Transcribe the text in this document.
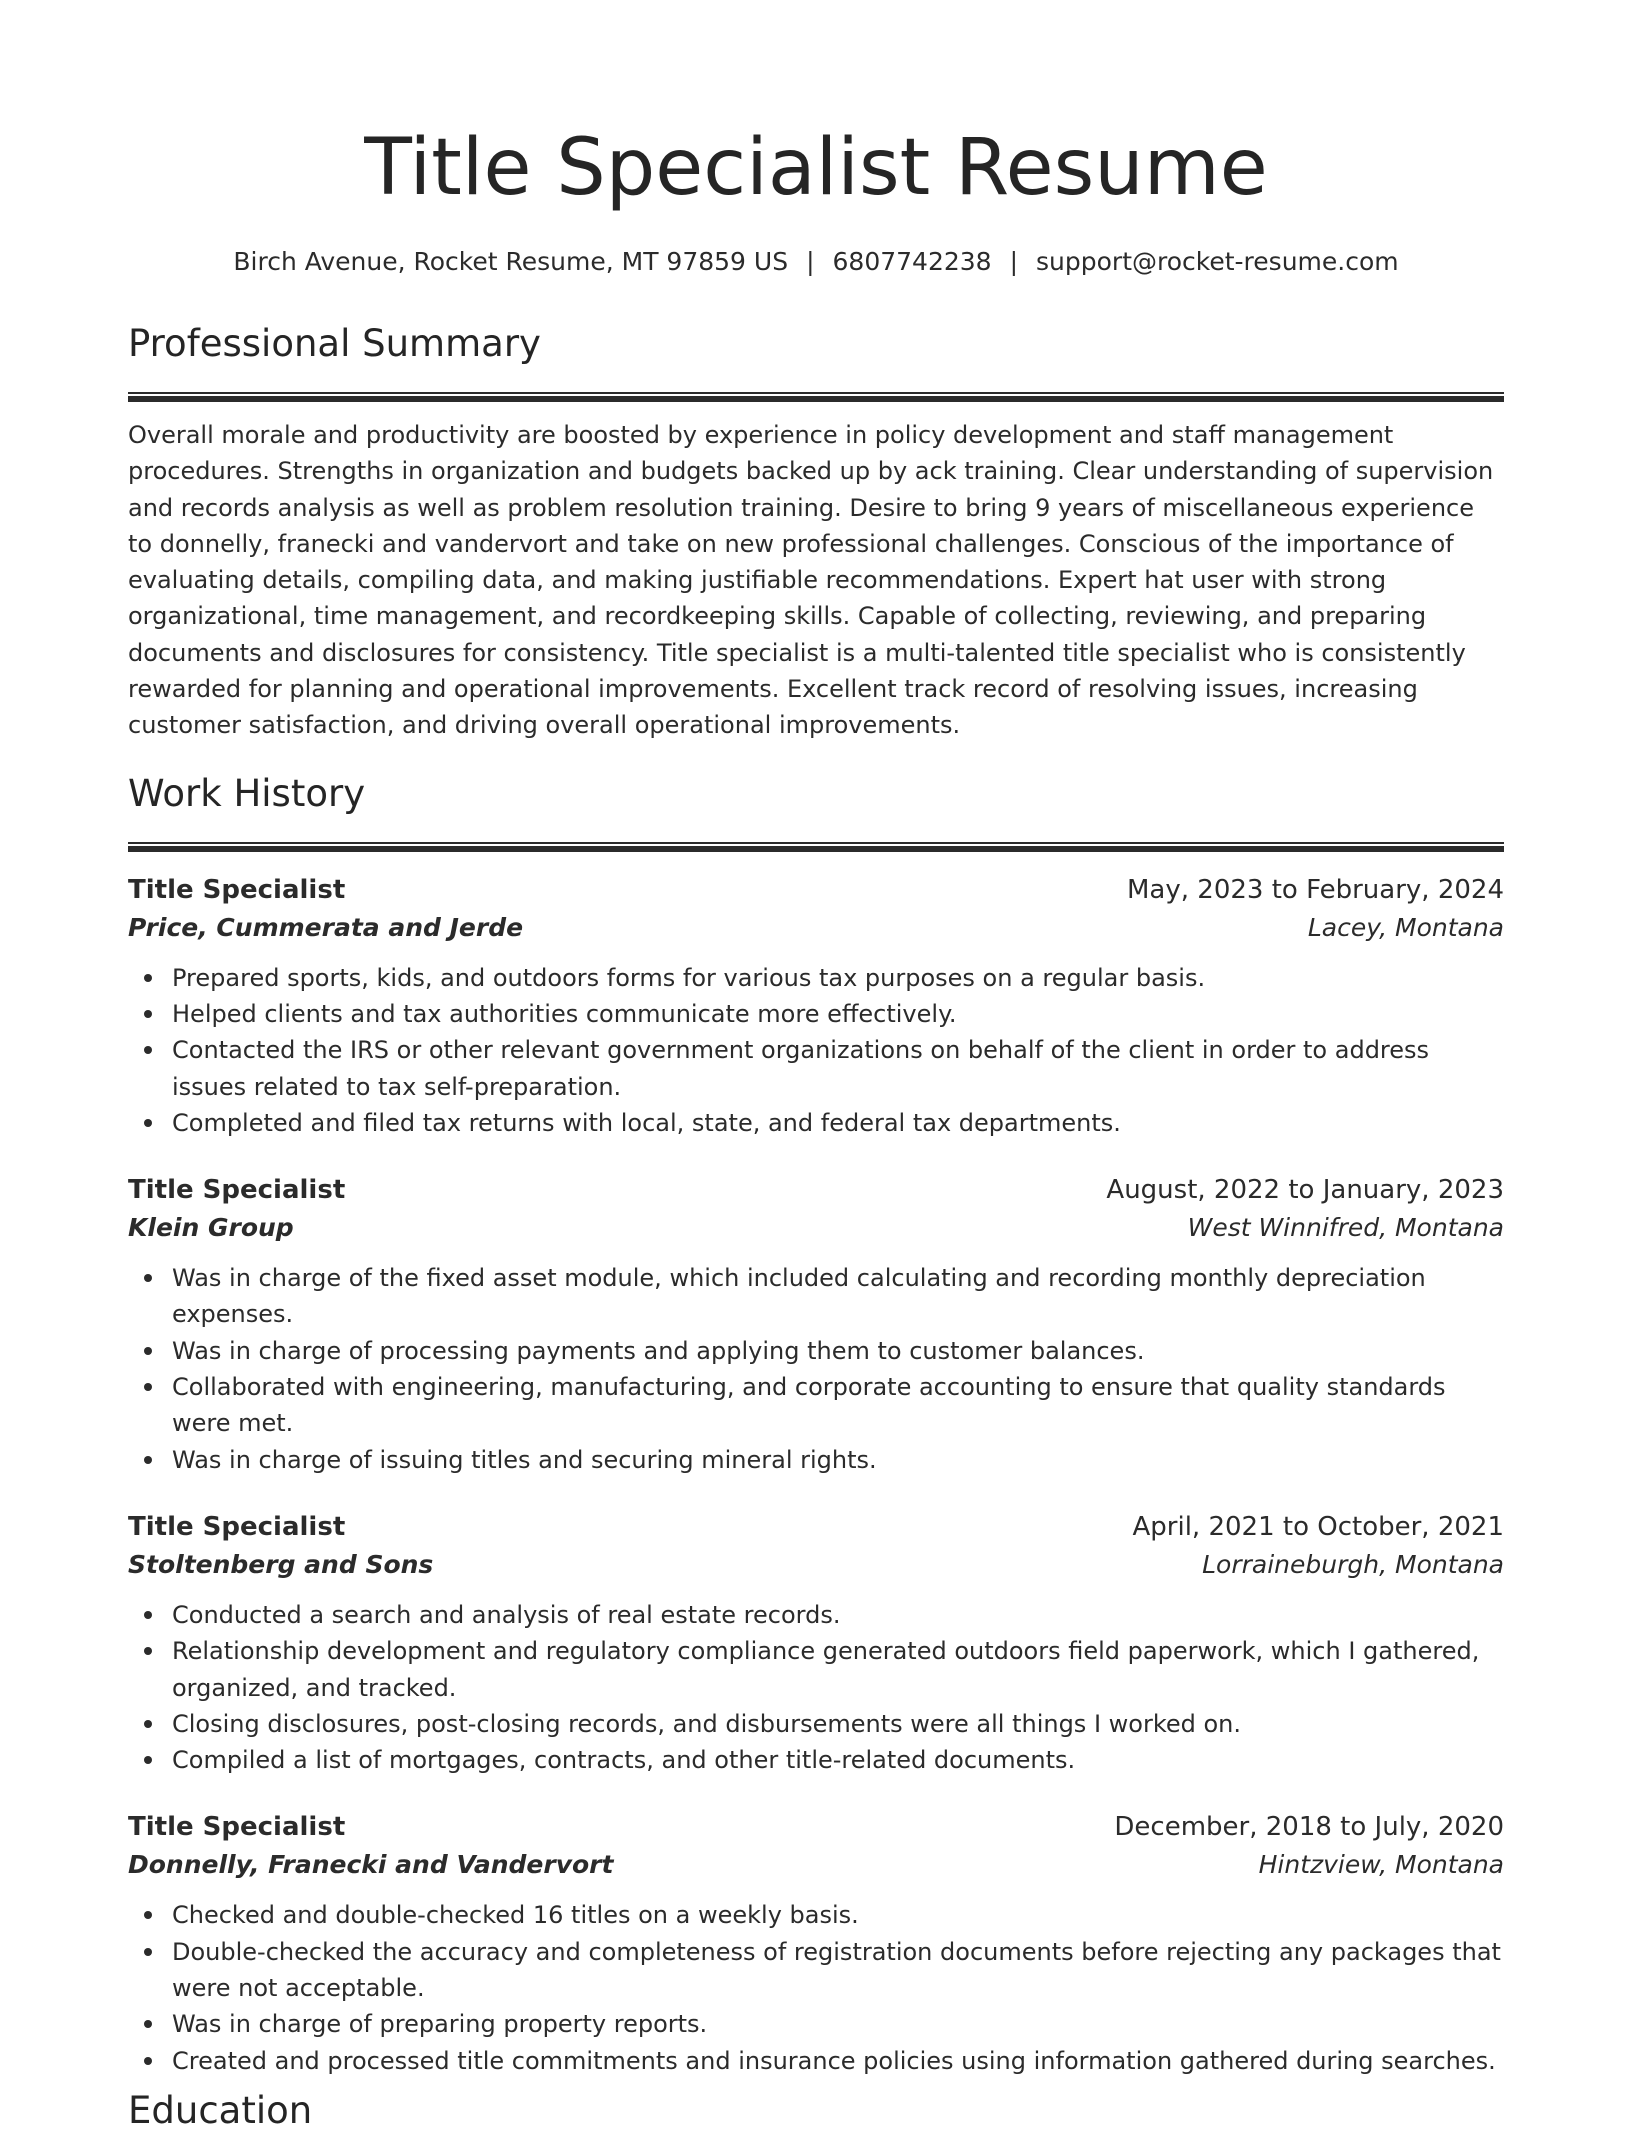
Title Specialist Resume
Birch Avenue, Rocket Resume, MT 97859 US | 6807742238 | support@rocket-resume.com
Professional Summary

Overall morale and productivity are boosted by experience in policy development and staff management procedures. Strengths in organization and budgets backed up by ack training. Clear understanding of supervision and records analysis as well as problem resolution training. Desire to bring 9 years of miscellaneous experience to donnelly, franecki and vandervort and take on new professional challenges. Conscious of the importance of evaluating details, compiling data, and making justifiable recommendations. Expert hat user with strong organizational, time management, and recordkeeping skills. Capable of collecting, reviewing, and preparing documents and disclosures for consistency. Title specialist is a multi-talented title specialist who is consistently rewarded for planning and operational improvements. Excellent track record of resolving issues, increasing customer satisfaction, and driving overall operational improvements.

Work History
Title Specialist	May, 2023 to February, 2024
Price, Cummerata and Jerde	Lacey, Montana
Prepared sports, kids, and outdoors forms for various tax purposes on a regular basis.
Helped clients and tax authorities communicate more effectively.
Contacted the IRS or other relevant government organizations on behalf of the client in order to address issues related to tax self-preparation.
Completed and filed tax returns with local, state, and federal tax departments.
Title Specialist	August, 2022 to January, 2023
Klein Group	West Winnifred, Montana
Was in charge of the fixed asset module, which included calculating and recording monthly depreciation expenses.
Was in charge of processing payments and applying them to customer balances.
Collaborated with engineering, manufacturing, and corporate accounting to ensure that quality standards were met.
Was in charge of issuing titles and securing mineral rights.
Title Specialist	April, 2021 to October, 2021
Stoltenberg and Sons	Lorraineburgh, Montana
Conducted a search and analysis of real estate records.
Relationship development and regulatory compliance generated outdoors field paperwork, which I gathered, organized, and tracked.
Closing disclosures, post-closing records, and disbursements were all things I worked on.
Compiled a list of mortgages, contracts, and other title-related documents.
Title Specialist	December, 2018 to July, 2020
Donnelly, Franecki and Vandervort	Hintzview, Montana
Checked and double-checked 16 titles on a weekly basis.
Double-checked the accuracy and completeness of registration documents before rejecting any packages that were not acceptable.
Was in charge of preparing property reports.
Created and processed title commitments and insurance policies using information gathered during searches.
Education
